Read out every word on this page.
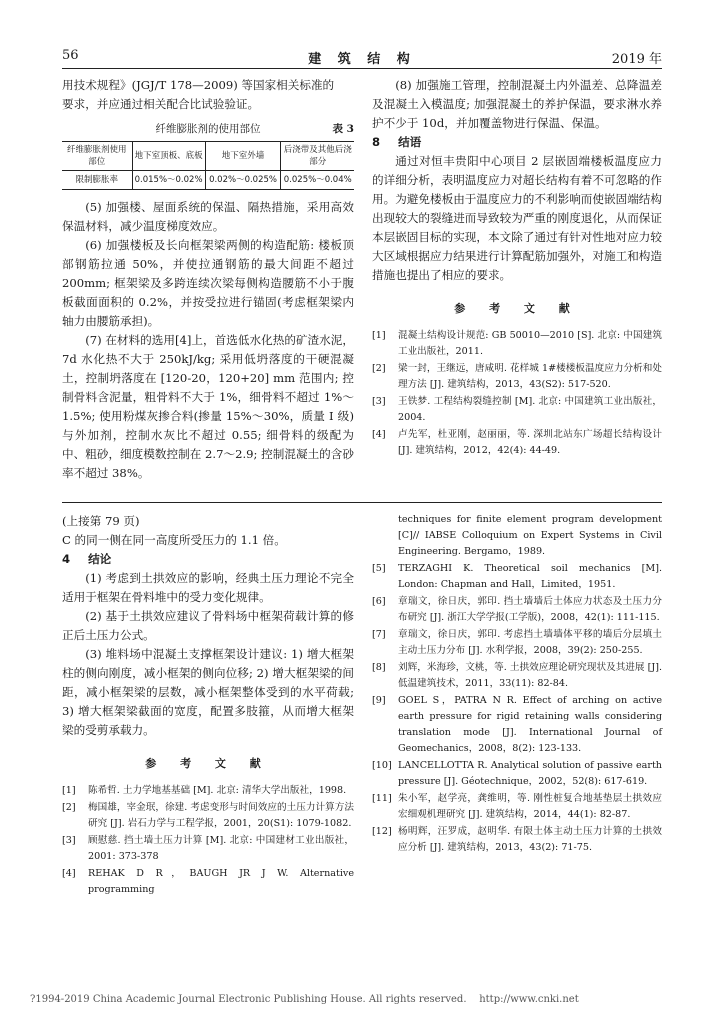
56	建 筑 结 构	2019 年

用技术规程》(JGJ/T 178—2009) 等国家相关标准的

要求，并应通过相关配合比试验验证。

纤维膨胀剂的使用部位	表 3
纤维膨胀剂使用部位	地下室顶板、底板	地下室外墙	后浇带及其他后浇部分
限制膨胀率	0.015%～0.02%	0.02%～0.025%	0.025%～0.04%

(5) 加强楼、屋面系统的保温、隔热措施，采用高效保温材料，减少温度梯度效应。

(6) 加强楼板及长向框架梁两侧的构造配筋: 楼板顶部钢筋拉通 50%，并使拉通钢筋的最大间距不超过 200mm; 框架梁及多跨连续次梁每侧构造腰筋不小于腹板截面面积的 0.2%，并按受拉进行锚固(考虑框架梁内轴力由腰筋承担)。

(7) 在材料的选用[4]上，首选低水化热的矿渣水泥，7d 水化热不大于 250kJ/kg; 采用低坍落度的干硬混凝土，控制坍落度在 [120-20，120+20] mm 范围内; 控制骨料含泥量，粗骨料不大于 1%，细骨料不超过 1%～1.5%; 使用粉煤灰掺合料(掺量 15%～30%，质量 Ⅰ 级) 与外加剂，控制水灰比不超过 0.55; 细骨料的级配为中、粗砂，细度模数控制在 2.7～2.9; 控制混凝土的含砂率不超过 38%。

(8) 加强施工管理，控制混凝土内外温差、总降温差及混凝土入模温度; 加强混凝土的养护保温，要求淋水养护不少于 10d，并加覆盖物进行保温、保温。

8 结语

通过对恒丰贵阳中心项目 2 层嵌固端楼板温度应力的详细分析，表明温度应力对超长结构有着不可忽略的作用。为避免楼板由于温度应力的不利影响而使嵌固端结构出现较大的裂缝进而导致较为严重的刚度退化，从而保证本层嵌固目标的实现，本文除了通过有针对性地对应力较大区域根据应力结果进行计算配筋加强外，对施工和构造措施也提出了相应的要求。

参 考 文 献
[1]	混凝土结构设计规范: GB 50010—2010 [S]. 北京: 中国建筑工业出版社，2011.
[2]	梁一封，王继远，唐咸明. 花样城 1#楼楼板温度应力分析和处理方法 [J]. 建筑结构，2013，43(S2): 517-520.
[3]	王铁梦. 工程结构裂缝控制 [M]. 北京: 中国建筑工业出版社，2004.
[4]	卢先军，杜亚刚，赵丽丽，等. 深圳北站东广场超长结构设计 [J]. 建筑结构，2012，42(4): 44-49.

(上接第 79 页)

C 的同一侧在同一高度所受压力的 1.1 倍。

4 结论

(1) 考虑到土拱效应的影响，经典土压力理论不完全适用于框架在骨料堆中的受力变化规律。

(2) 基于土拱效应建议了骨料场中框架荷载计算的修正后土压力公式。

(3) 堆料场中混凝土支撑框架设计建议: 1) 增大框架柱的侧向刚度，减小框架的侧向位移; 2) 增大框架梁的间距，减小框架梁的层数，减小框架整体受到的水平荷载; 3) 增大框架梁截面的宽度，配置多肢箍，从而增大框架梁的受剪承载力。

参 考 文 献
[1]	陈希哲. 土力学地基基础 [M]. 北京: 清华大学出版社，1998.
[2]	梅国雄，宰金珉，徐建. 考虑变形与时间效应的土压力计算方法研究 [J]. 岩石力学与工程学报，2001，20(S1): 1079-1082.
[3]	顾慰慈. 挡土墙土压力计算 [M]. 北京: 中国建材工业出版社，2001: 373-378
[4]	REHAK D R，BAUGH JR J W. Alternative programming
techniques for finite element program development [C]// IABSE Colloquium on Expert Systems in Civil Engineering. Bergamo，1989.
[5]	TERZAGHI K. Theoretical soil mechanics [M]. London: Chapman and Hall，Limited，1951.
[6]	章瑞文，徐日庆，郭印. 挡土墙墙后土体应力状态及土压力分布研究 [J]. 浙江大学学报(工学版)，2008，42(1): 111-115.
[7]	章瑞文，徐日庆，郭印. 考虑挡土墙墙体平移的墙后分层填土主动土压力分布 [J]. 水利学报，2008，39(2): 250-255.
[8]	刘辉，米海珍，文桃，等. 土拱效应理论研究现状及其进展 [J]. 低温建筑技术，2011，33(11): 82-84.
[9]	GOEL S，PATRA N R. Effect of arching on active earth pressure for rigid retaining walls considering translation mode [J]. International Journal of Geomechanics，2008，8(2): 123-133.
[10] LANCELLOTTA R. Analytical solution of passive earth pressure [J]. Géotechnique，2002，52(8): 617-619.
[11] 朱小军，赵学亮，龚维明，等. 刚性桩复合地基垫层土拱效应宏细观机理研究 [J]. 建筑结构，2014，44(1): 82-87.
[12] 杨明辉，汪罗成，赵明华. 有限土体主动土压力计算的土拱效应分析 [J]. 建筑结构，2013，43(2): 71-75.
?1994-2019 China Academic Journal Electronic Publishing House. All rights reserved.    http://www.cnki.net
